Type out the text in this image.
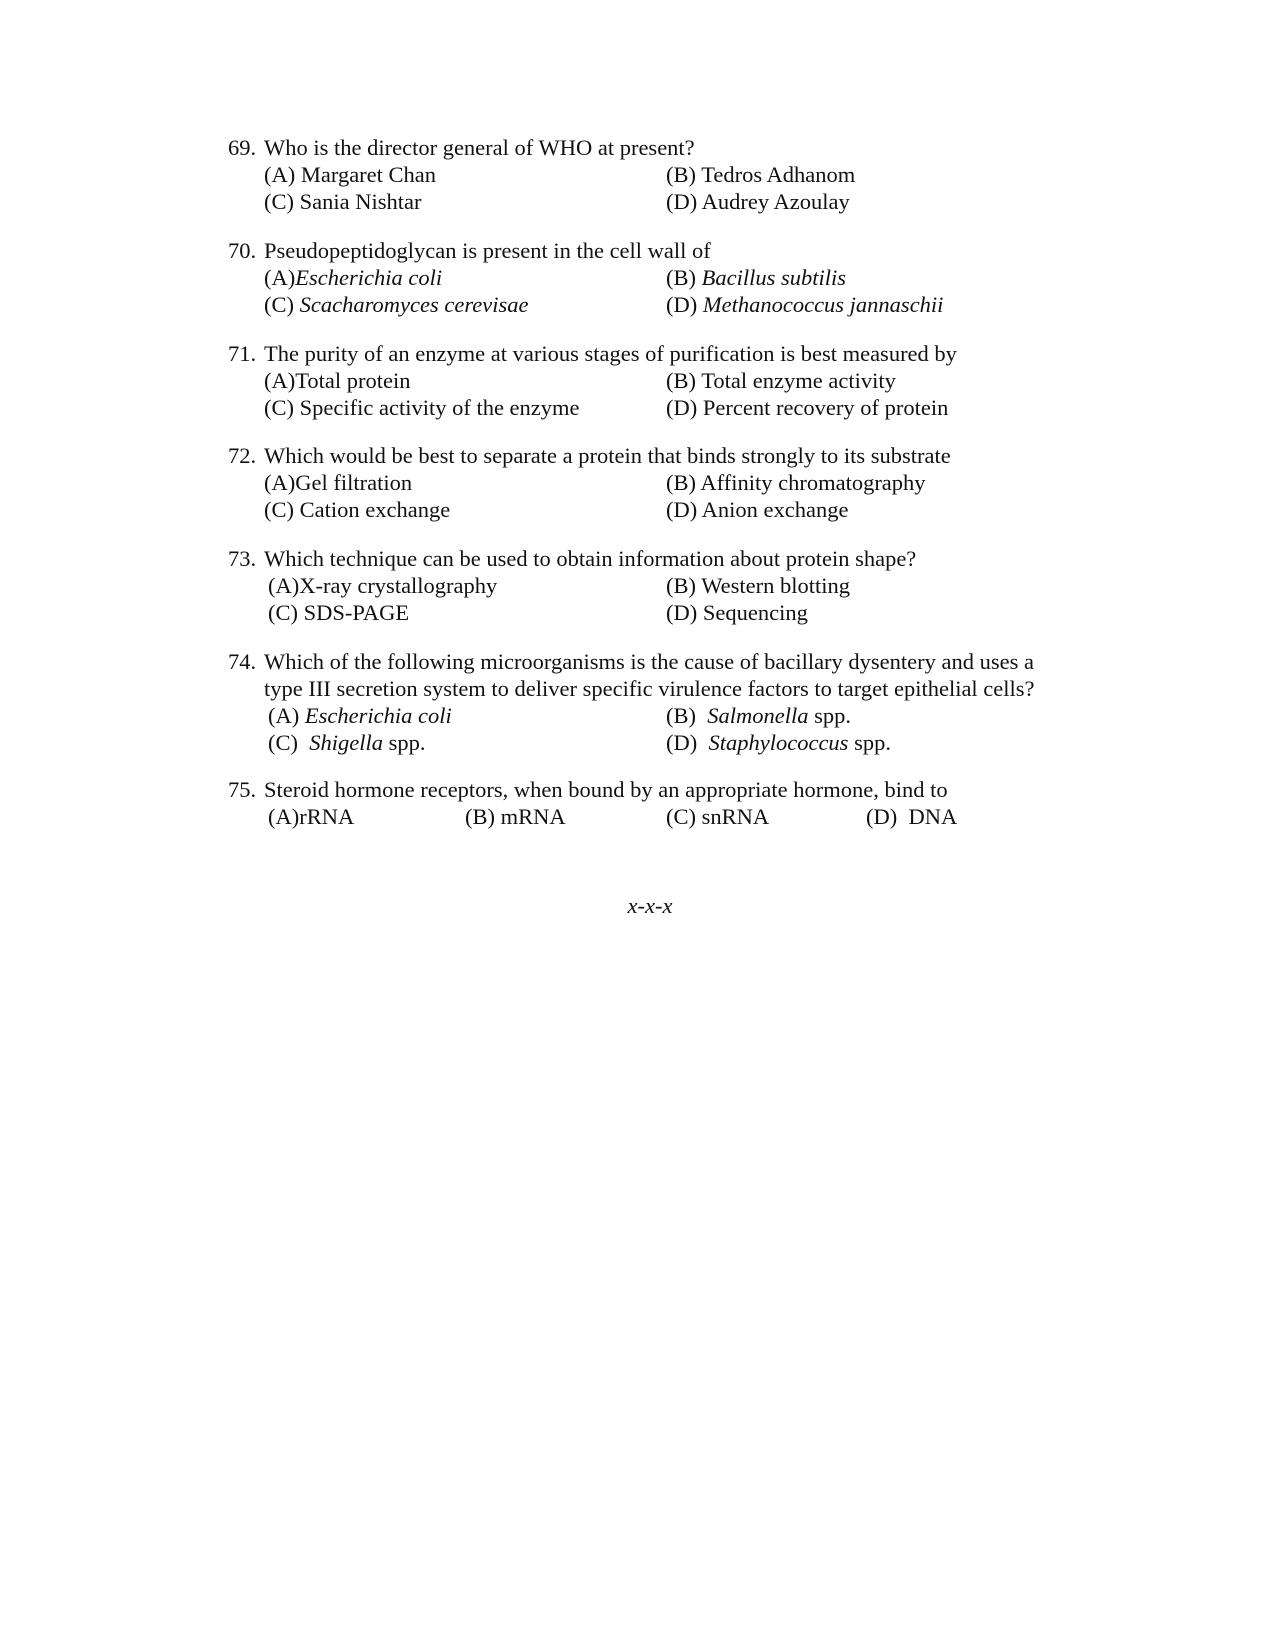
69. Who is the director general of WHO at present?
(A) Margaret Chan	(B) Tedros Adhanom
(C) Sania Nishtar	(D) Audrey Azoulay
70. Pseudopeptidoglycan is present in the cell wall of
(A)Escherichia coli	(B) Bacillus subtilis
(C) Scacharomyces cerevisae	(D) Methanococcus jannaschii
71. The purity of an enzyme at various stages of purification is best measured by
(A)Total protein	(B) Total enzyme activity
(C) Specific activity of the enzyme	(D) Percent recovery of protein
72. Which would be best to separate a protein that binds strongly to its substrate
(A)Gel filtration	(B) Affinity chromatography
(C) Cation exchange	(D) Anion exchange
73. Which technique can be used to obtain information about protein shape?
(A)X-ray crystallography	(B) Western blotting
(C) SDS-PAGE	(D) Sequencing
74. Which of the following microorganisms is the cause of bacillary dysentery and uses a
type III secretion system to deliver specific virulence factors to target epithelial cells?
(A) Escherichia coli	(B) Salmonella spp.
(C) Shigella spp.	(D) Staphylococcus spp.
75. Steroid hormone receptors, when bound by an appropriate hormone, bind to
(A)rRNA	(B) mRNA	(C) snRNA	(D) DNA
x-x-x
